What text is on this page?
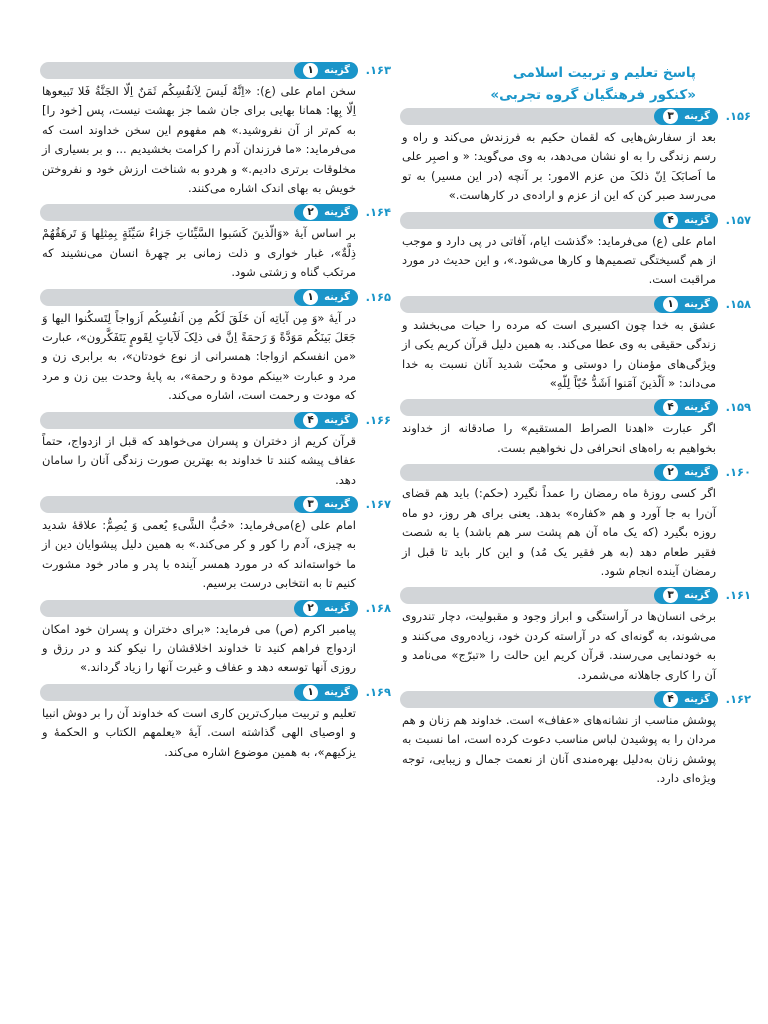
پاسخ تعلیم و تربیت اسلامی
«کنکور فرهنگیان گروه تجربی»
۱۵۶.
گزینه
۳

بعد از سفارش‌هایی که لقمان حکیم به فرزندش می‌کند و راه و رسم زندگی را به او نشان می‌دهد، به وی می‌گوید: « و اصبِر علی ما اَصابَکَ اِنّ ذلکَ من عزم الامور: بر آنچه (در این مسیر) به تو می‌رسد صبر کن که این از عزم و اراده‌ی در کارهاست.»

۱۵۷.
گزینه
۴

امام علی (ع) می‌فرماید: «گذشت ایام، آفاتی در پی دارد و موجب از هم گسیختگی تصمیم‌ها و کارها می‌شود.»، و این حدیث در مورد مراقبت است.

۱۵۸.
گزینه
۱

عشق به خدا چون اکسیری است که مرده را حیات می‌بخشد و زندگی حقیقی به وی عطا می‌کند. به همین دلیل قرآن کریم یکی از ویژگی‌های مؤمنان را دوستی و محبّت شدید آنان نسبت به خدا می‌داند: « اَلّذینَ آمَنوا اَشَدُّ حُبّاً لِلّهِ»

۱۵۹.
گزینه
۴

اگر عبارت «اهدنا الصراط المستقیم» را صادقانه از خداوند بخواهیم به راه‌های انحرافی دل نخواهیم بست.

۱۶۰.
گزینه
۲

اگر کسی روزهٔ ماه رمضان را عمداً نگیرد (حکم:) باید هم قضای آن‌را به جا آورد و هم «کفاره» بدهد. یعنی برای هر روز، دو ماه روزه بگیرد (که یک ماه آن هم پشت سر هم باشد) یا به شصت فقیر طعام دهد (به هر فقیر یک مُد) و این کار باید تا قبل از رمضان آینده انجام شود.

۱۶۱.
گزینه
۳

برخی انسان‌ها در آراستگی و ابراز وجود و مقبولیت، دچار تندروی می‌شوند، به گونه‌ای که در آراسته کردن خود، زیاده‌روی می‌کنند و به خودنمایی می‌رسند. قرآن کریم این حالت را «تبرّج» می‌نامد و آن را کاری جاهلانه می‌شمرد.

۱۶۲.
گزینه
۴

پوشش مناسب از نشانه‌های «عفاف» است. خداوند هم زنان و هم مردان را به پوشیدن لباس مناسب دعوت کرده است، اما نسبت به پوشش زنان به‌دلیل بهره‌مندی آنان از نعمت جمال و زیبایی، توجه ویژه‌ای دارد.

۱۶۳.
گزینه
۱

سخن امام علی (ع): «اِنَّهُ لَیسَ لِاَنفُسِکُم ثَمَنٌ اِلّا الجَنَّةُ فَلا تَبیعوها اِلّا بِها: همانا بهایی برای جان شما جز بهشت نیست، پس [خود را] به کم‌تر از آن نفروشید.» هم مفهوم این سخن خداوند است که می‌فرماید: «ما فرزندان آدم را کرامت بخشیدیم ... و بر بسیاری از مخلوقات برتری دادیم.» و هردو به شناخت ارزش خود و نفروختن خویش به بهای اندک اشاره می‌کنند.

۱۶۴.
گزینه
۲

بر اساس آیهٔ «وَالّذینَ کَسَبوا السَّیِّئاتِ جَزاءُ سَیِّئَةٍ بِمِثلِها وَ تَرهَقُهُمْ ذِلَّةٌ»، غبار خواری و ذلت زمانی بر چهرهٔ انسان می‌نشیند که مرتکب گناه و زشتی شود.

۱۶۵.
گزینه
۱

در آیهٔ «وَ مِن آیاتِه اَن خَلَقَ لَکُم مِن اَنفُسِکُم اَزواجاً لِتَسکُنوا الیها وَ جَعَلَ بَینَکُم مَوَدَّةً وَ رَحمَةً اِنَّ فی ذلِکَ لَآیاتٍ لِقَومٍ یَتَفَکَّرون»، عبارت «من انفسکم ازواجا: همسرانی از نوع خودتان»، به برابری زن و مرد و عبارت «بینکم مودة و رحمة»، به پایهٔ وحدت بین زن و مرد که مودت و رحمت است، اشاره می‌کند.

۱۶۶.
گزینه
۴

قرآن کریم از دختران و پسران می‌خواهد که قبل از ازدواج، حتماً عفاف پیشه کنند تا خداوند به بهترین صورت زندگی آنان را سامان دهد.

۱۶۷.
گزینه
۳

امام علی (ع)می‌فرماید: «حُبُّ الشَّیءِ یُعمی وَ یُصِمُّ: علاقهٔ شدید به چیزی، آدم را کور و کر می‌کند.» به همین دلیل پیشوایان دین از ما خواسته‌اند که در مورد همسر آینده با پدر و مادر خود مشورت کنیم تا به انتخابی درست برسیم.

۱۶۸.
گزینه
۲

پیامبر اکرم (ص) می فرماید: «برای دختران و پسران خود امکان ازدواج فراهم کنید تا خداوند اخلاقشان را نیکو کند و در رزق و روزی آنها توسعه دهد و عفاف و غیرت آنها را زیاد گرداند.»

۱۶۹.
گزینه
۱

تعلیم و تربیت مبارک‌ترین کاری است که خداوند آن را بر دوش انبیا و اوصیای الهی گذاشته است. آیهٔ «یعلمهم الکتاب و الحکمهٔ و یزکیهم»، به همین موضوع اشاره می‌کند.
